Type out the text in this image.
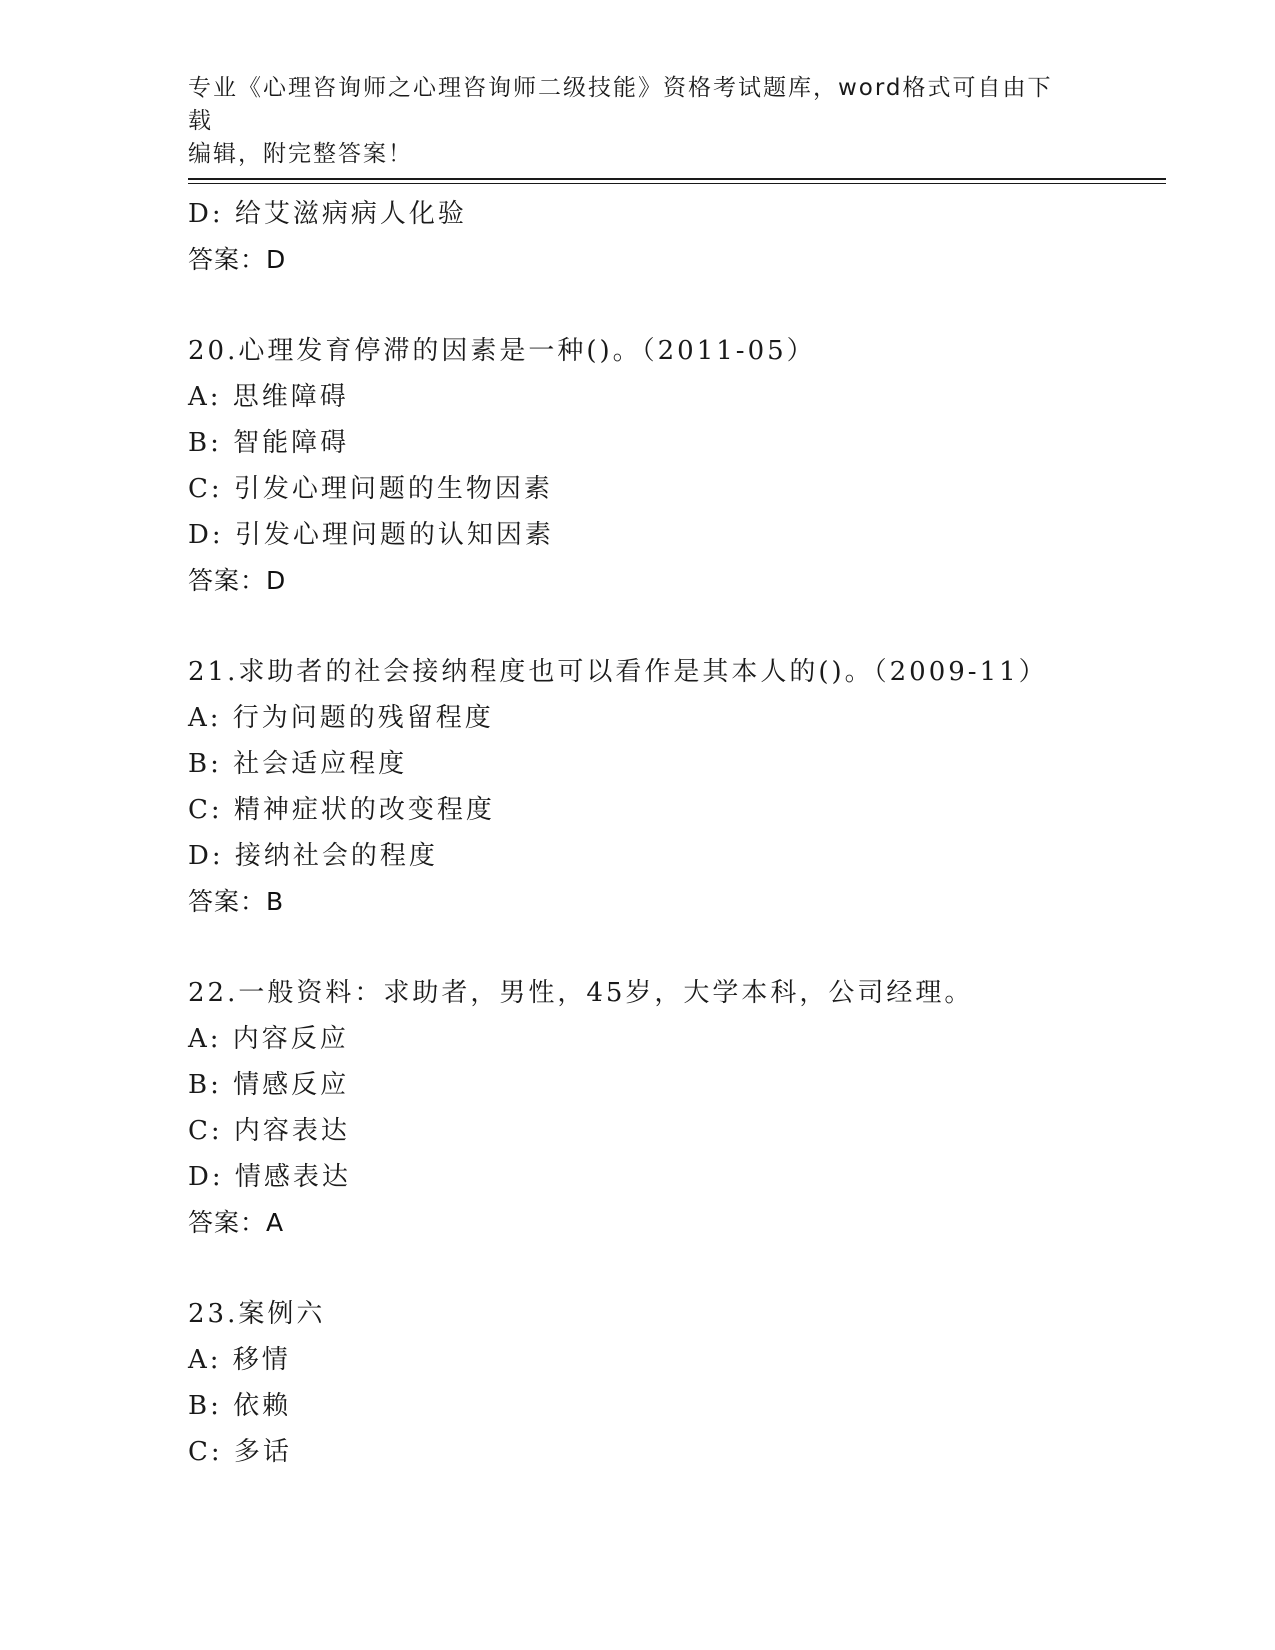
专业《心理咨询师之心理咨询师二级技能》资格考试题库，word格式可自由下载
编辑，附完整答案！
D: 给艾滋病病人化验
答案：D
20.心理发育停滞的因素是一种()。（2011-05）
A: 思维障碍
B: 智能障碍
C: 引发心理问题的生物因素
D: 引发心理问题的认知因素
答案：D
21.求助者的社会接纳程度也可以看作是其本人的()。（2009-11）
A: 行为问题的残留程度
B: 社会适应程度
C: 精神症状的改变程度
D: 接纳社会的程度
答案：B
22.一般资料：求助者，男性，45岁，大学本科，公司经理。
A: 内容反应
B: 情感反应
C: 内容表达
D: 情感表达
答案：A
23.案例六
A: 移情
B: 依赖
C: 多话
